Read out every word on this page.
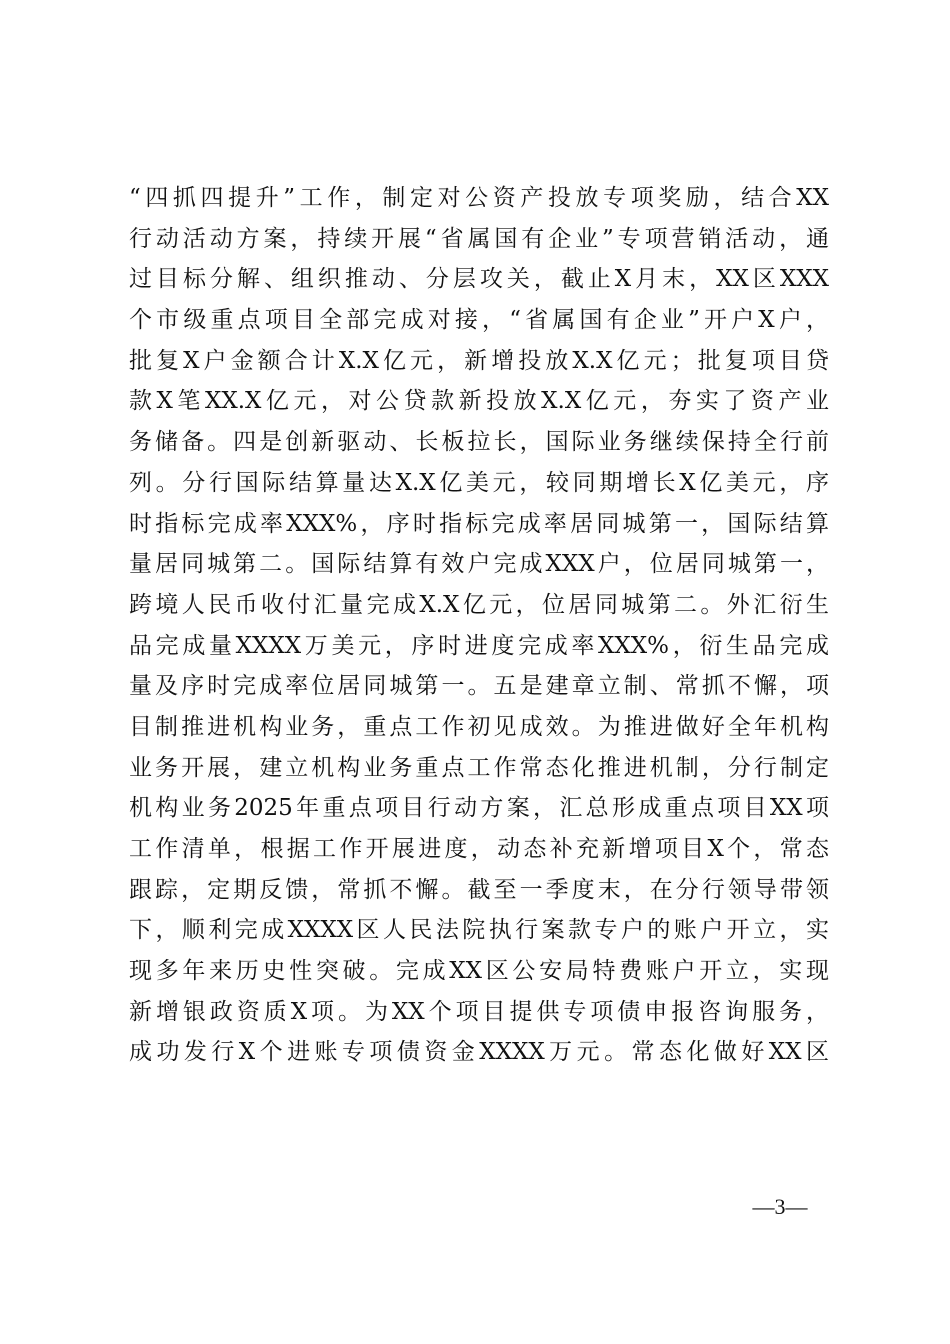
“四抓四提升”工作，制定对公资产投放专项奖励，结合XX
行动活动方案，持续开展“省属国有企业”专项营销活动，通
过目标分解、组织推动、分层攻关，截止X月末，XX区XXX
个市级重点项目全部完成对接，“省属国有企业”开户X户，
批复X户金额合计X.X亿元，新增投放X.X亿元；批复项目贷
款X笔XX.X亿元，对公贷款新投放X.X亿元，夯实了资产业
务储备。四是创新驱动、长板拉长，国际业务继续保持全行前
列。分行国际结算量达X.X亿美元，较同期增长X亿美元，序
时指标完成率XXX%，序时指标完成率居同城第一，国际结算
量居同城第二。国际结算有效户完成XXX户，位居同城第一，
跨境人民币收付汇量完成X.X亿元，位居同城第二。外汇衍生
品完成量XXXX万美元，序时进度完成率XXX%，衍生品完成
量及序时完成率位居同城第一。五是建章立制、常抓不懈，项
目制推进机构业务，重点工作初见成效。为推进做好全年机构
业务开展，建立机构业务重点工作常态化推进机制，分行制定
机构业务2025年重点项目行动方案，汇总形成重点项目XX项
工作清单，根据工作开展进度，动态补充新增项目X个，常态
跟踪，定期反馈，常抓不懈。截至一季度末，在分行领导带领
下，顺利完成XXXX区人民法院执行案款专户的账户开立，实
现多年来历史性突破。完成XX区公安局特费账户开立，实现
新增银政资质X项。为XX个项目提供专项债申报咨询服务，
成功发行X个进账专项债资金XXXX万元。常态化做好XX区
—3—
